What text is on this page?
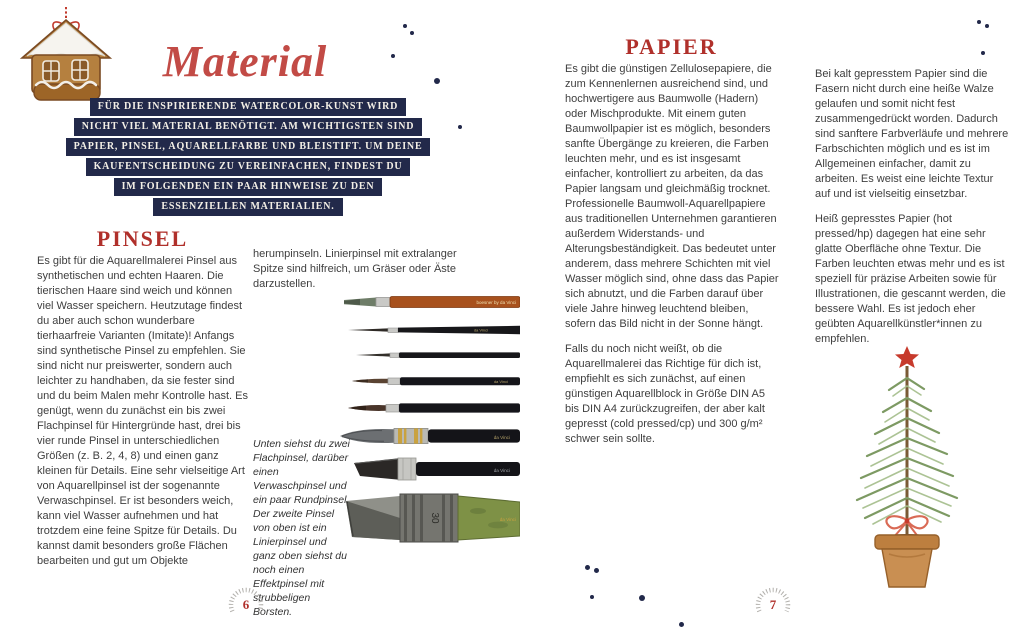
Material
FÜR DIE INSPIRIERENDE WATERCOLOR-KUNST WIRD
NICHT VIEL MATERIAL BENÖTIGT. AM WICHTIGSTEN SIND
PAPIER, PINSEL, AQUARELLFARBE UND BLEISTIFT. UM DEINE
KAUFENTSCHEIDUNG ZU VEREINFACHEN, FINDEST DU
IM FOLGENDEN EIN PAAR HINWEISE ZU DEN
ESSENZIELLEN MATERIALIEN.
PINSEL
Es gibt für die Aquarellmalerei Pinsel aus synthetischen und echten Haaren. Die tierischen Haare sind weich und können viel Wasser speichern. Heutzutage findest du aber auch schon wunderbare tierhaarfreie Varianten (Imitate)! Anfangs sind synthetische Pinsel zu empfehlen. Sie sind nicht nur preiswerter, sondern auch leichter zu handhaben, da sie fester sind und du beim Malen mehr Kontrolle hast. Es genügt, wenn du zunächst ein bis zwei Flachpinsel für Hintergründe hast, drei bis vier runde Pinsel in unterschiedlichen Größen (z. B. 2, 4, 8) und einen ganz kleinen für Details. Eine sehr vielseitige Art von Aquarellpinsel ist der sogenannte Verwaschpinsel. Er ist besonders weich, kann viel Wasser aufnehmen und hat trotzdem eine feine Spitze für Details. Du kannst damit besonders große Flächen bearbeiten und gut um Objekte
herumpinseln. Linierpinsel mit extralanger Spitze sind hilfreich, um Gräser oder Äste darzustellen.
boesner by da Vinci
da Vinci
da Vinci
da Vinci
da Vinci
30	da Vinci
Unten siehst du zwei Flachpinsel, darüber einen Verwaschpinsel und ein paar Rundpinsel. Der zweite Pinsel von oben ist ein Linierpinsel und ganz oben siehst du noch einen Effektpinsel mit strubbeligen Borsten.
6
PAPIER

Es gibt die günstigen Zellulosepapiere, die zum Kennenlernen ausreichend sind, und hochwertigere aus Baumwolle (Hadern) oder Mischprodukte. Mit einem guten Baumwollpapier ist es möglich, besonders sanfte Übergänge zu kreieren, die Farben leuchten mehr, und es ist insgesamt einfacher, kontrolliert zu arbeiten, da das Papier langsam und gleichmäßig trocknet. Professionelle Baumwoll-Aquarellpapiere aus traditionellen Unternehmen garantieren außerdem Widerstands- und Alterungsbeständigkeit. Das bedeutet unter anderem, dass mehrere Schichten mit viel Wasser möglich sind, ohne dass das Papier sich abnutzt, und die Farben darauf über viele Jahre hinweg leuchtend bleiben, sofern das Bild nicht in der Sonne hängt.

Falls du noch nicht weißt, ob die Aquarellmalerei das Richtige für dich ist, empfiehlt es sich zunächst, auf einen günstigen Aquarellblock in Größe DIN A5 bis DIN A4 zurückzugreifen, der aber kalt gepresst (cold pressed/cp) und 300 g/m² schwer sein sollte.

Bei kalt gepresstem Papier sind die Fasern nicht durch eine heiße Walze gelaufen und somit nicht fest zusammengedrückt worden. Dadurch sind sanftere Farbverläufe und mehrere Farbschichten möglich und es ist im Allgemeinen einfacher, damit zu arbeiten. Es weist eine leichte Textur auf und ist vielseitig einsetzbar.

Heiß gepresstes Papier (hot pressed/hp) dagegen hat eine sehr glatte Oberfläche ohne Textur. Die Farben leuchten etwas mehr und es ist speziell für präzise Arbeiten sowie für Illustrationen, die gescannt werden, die bessere Wahl. Es ist jedoch eher geübten Aquarellkünstler*innen zu empfehlen.

7
